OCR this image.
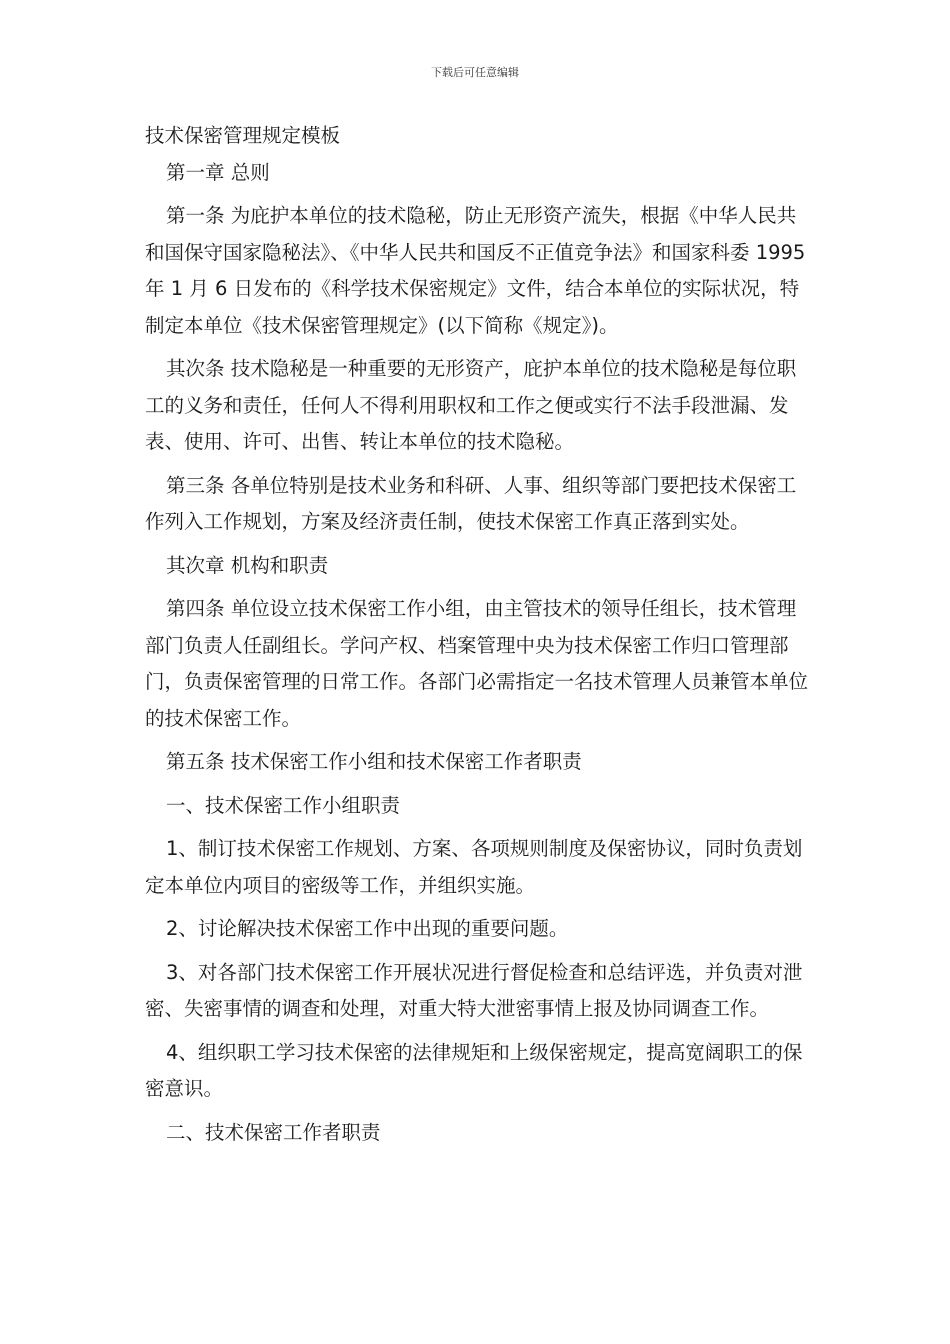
下载后可任意编辑

技术保密管理规定模板

第一章 总则

第一条 为庇护本单位的技术隐秘，防止无形资产流失，根据《中华人民共和国保守国家隐秘法》、《中华人民共和国反不正值竞争法》和国家科委 1995 年 1 月 6 日发布的《科学技术保密规定》文件，结合本单位的实际状况，特制定本单位《技术保密管理规定》(以下简称《规定》)。

其次条 技术隐秘是一种重要的无形资产，庇护本单位的技术隐秘是每位职工的义务和责任，任何人不得利用职权和工作之便或实行不法手段泄漏、发表、使用、许可、出售、转让本单位的技术隐秘。

第三条 各单位特别是技术业务和科研、人事、组织等部门要把技术保密工作列入工作规划，方案及经济责任制，使技术保密工作真正落到实处。

其次章 机构和职责

第四条 单位设立技术保密工作小组，由主管技术的领导任组长，技术管理部门负责人任副组长。学问产权、档案管理中央为技术保密工作归口管理部门，负责保密管理的日常工作。各部门必需指定一名技术管理人员兼管本单位的技术保密工作。

第五条 技术保密工作小组和技术保密工作者职责

一、技术保密工作小组职责

1、制订技术保密工作规划、方案、各项规则制度及保密协议，同时负责划定本单位内项目的密级等工作，并组织实施。

2、讨论解决技术保密工作中出现的重要问题。

3、对各部门技术保密工作开展状况进行督促检查和总结评选，并负责对泄密、失密事情的调查和处理，对重大特大泄密事情上报及协同调查工作。

4、组织职工学习技术保密的法律规矩和上级保密规定，提高宽阔职工的保密意识。

二、技术保密工作者职责
